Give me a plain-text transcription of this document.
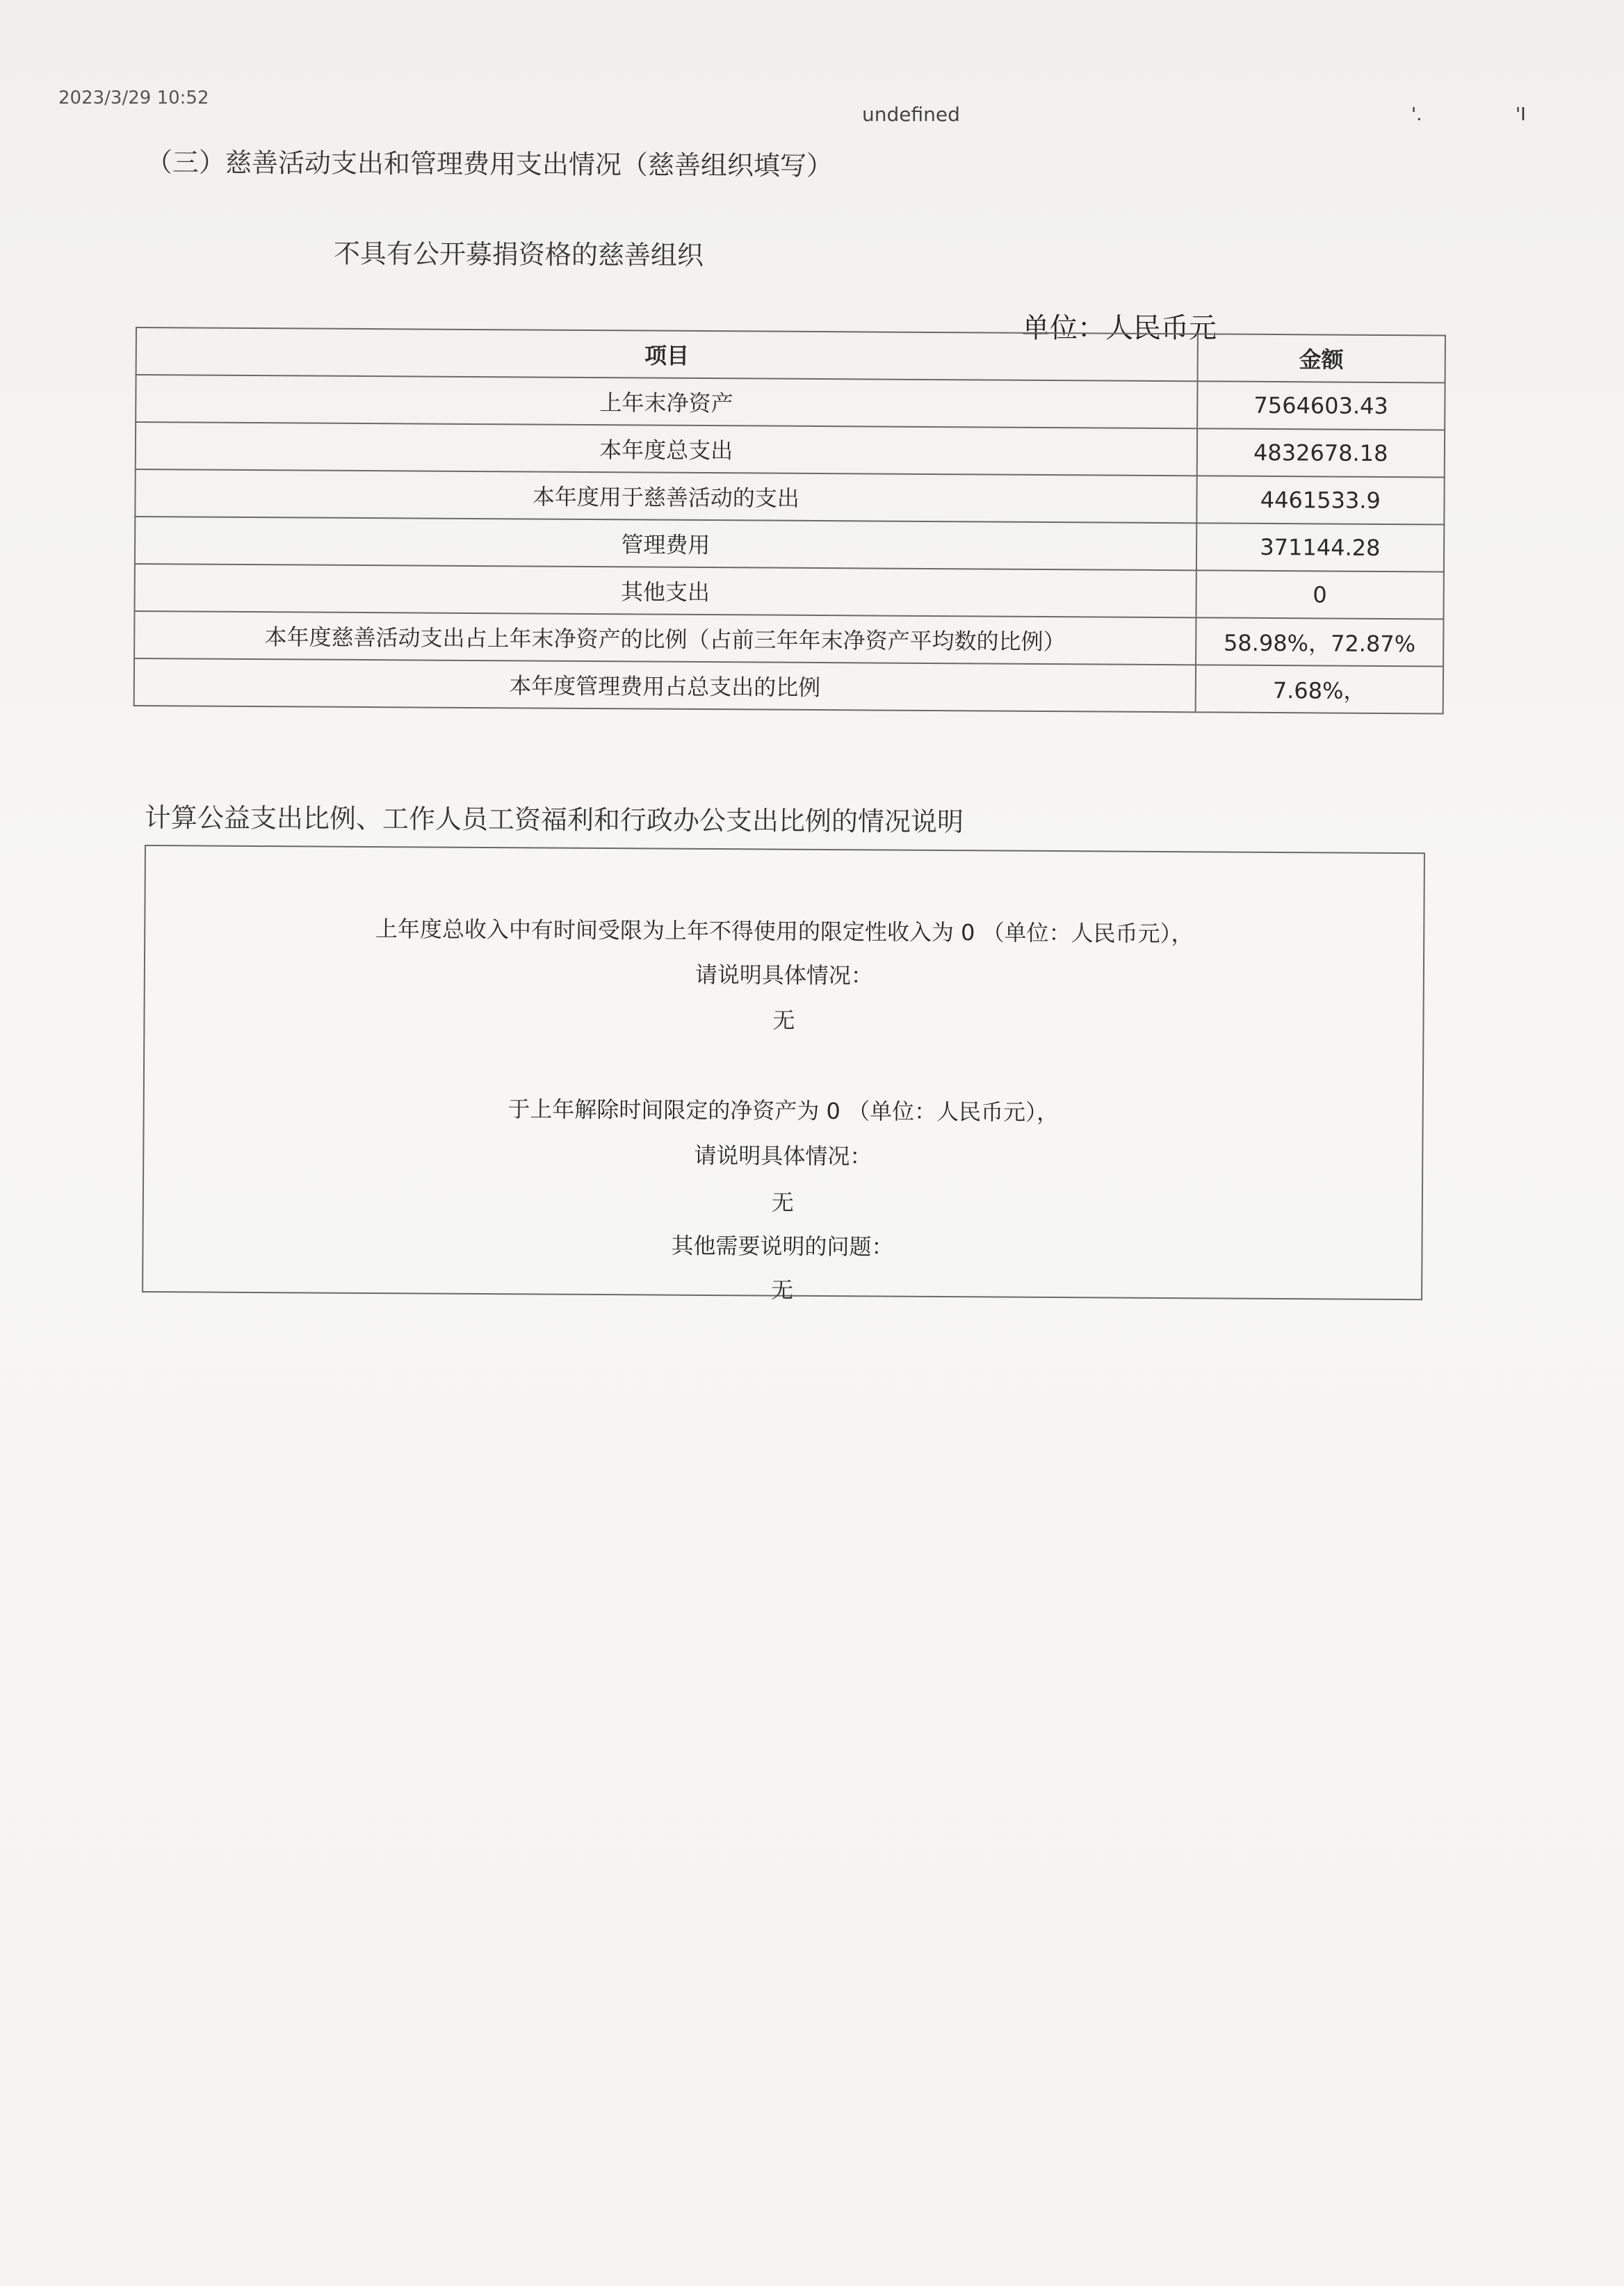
2023/3/29 10:52
undefined	'.	'I
（三）慈善活动支出和管理费用支出情况（慈善组织填写）
不具有公开募捐资格的慈善组织
单位：人民币元
项目	金额
上年末净资产	7564603.43
本年度总支出	4832678.18
本年度用于慈善活动的支出	4461533.9
管理费用	371144.28
其他支出	0
本年度慈善活动支出占上年末净资产的比例（占前三年年末净资产平均数的比例）	58.98%，72.87%
本年度管理费用占总支出的比例	7.68%，
计算公益支出比例、工作人员工资福利和行政办公支出比例的情况说明
上年度总收入中有时间受限为上年不得使用的限定性收入为 0 （单位：人民币元），
请说明具体情况：
无
于上年解除时间限定的净资产为 0 （单位：人民币元），
请说明具体情况：
无
其他需要说明的问题：
无
